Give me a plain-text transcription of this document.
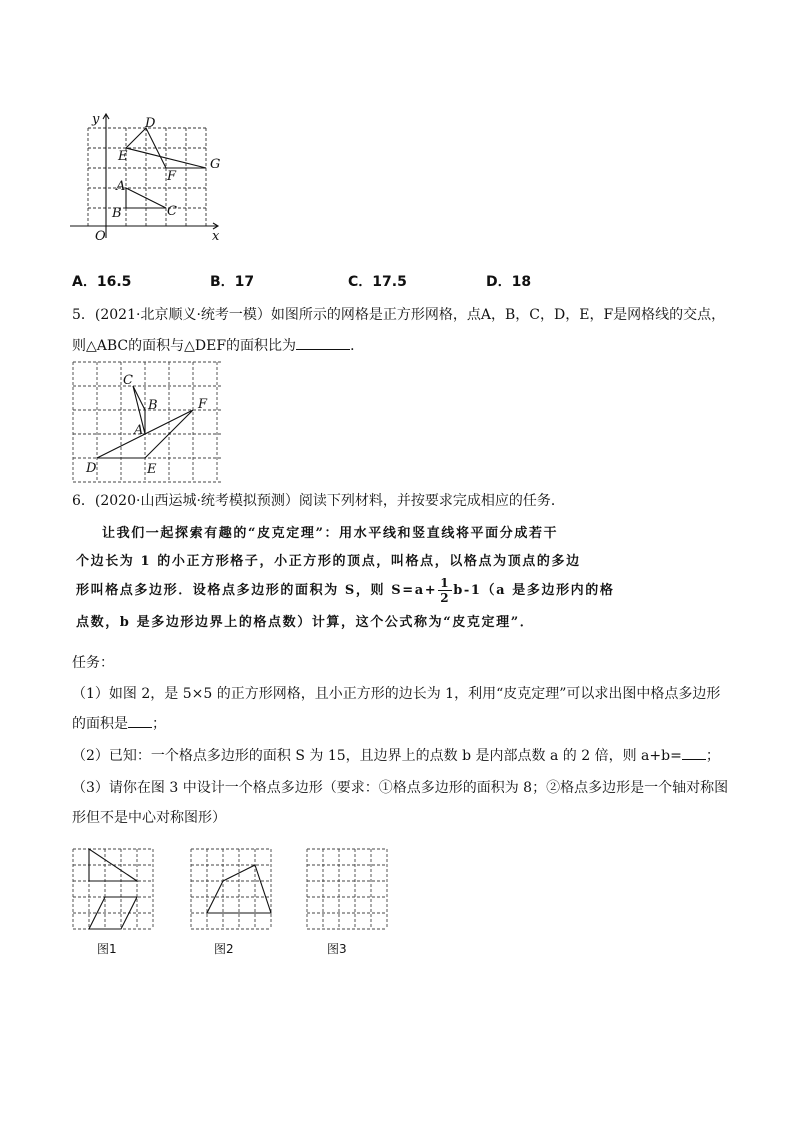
y
x
O
D
E
G
F
A
B	C
A．16.5	B．17	C．17.5	D．18
5．(2021·北京顺义·统考一模）如图所示的网格是正方形网格，点A，B，C，D，E，F是网格线的交点，
则△ABC的面积与△DEF的面积比为	．
C
B
A
F
D	E
6．(2020·山西运城·统考模拟预测）阅读下列材料，并按要求完成相应的任务．
让我们一起探索有趣的“皮克定理”：用水平线和竖直线将平面分成若干
个边长为 1 的小正方形格子，小正方形的顶点，叫格点，以格点为顶点的多边
形叫格点多边形．设格点多边形的面积为 S，则 $S=a+ \frac{1}{2} b-1(a$ 是多边形内的格
点数，b 是多边形边界上的格点数）计算，这个公式称为“皮克定理”．
任务：
（1）如图 2，是 5×5 的正方形网格，且小正方形的边长为 1，利用“皮克定理”可以求出图中格点多边形
的面积是 ；
（2）已知：一个格点多边形的面积 S 为 15，且边界上的点数 b 是内部点数 a 的 2 倍，则 a+b= ；
（3）请你在图 3 中设计一个格点多边形（要求：①格点多边形的面积为 8；②格点多边形是一个轴对称图
形但不是中心对称图形）
图1	图2	图3
